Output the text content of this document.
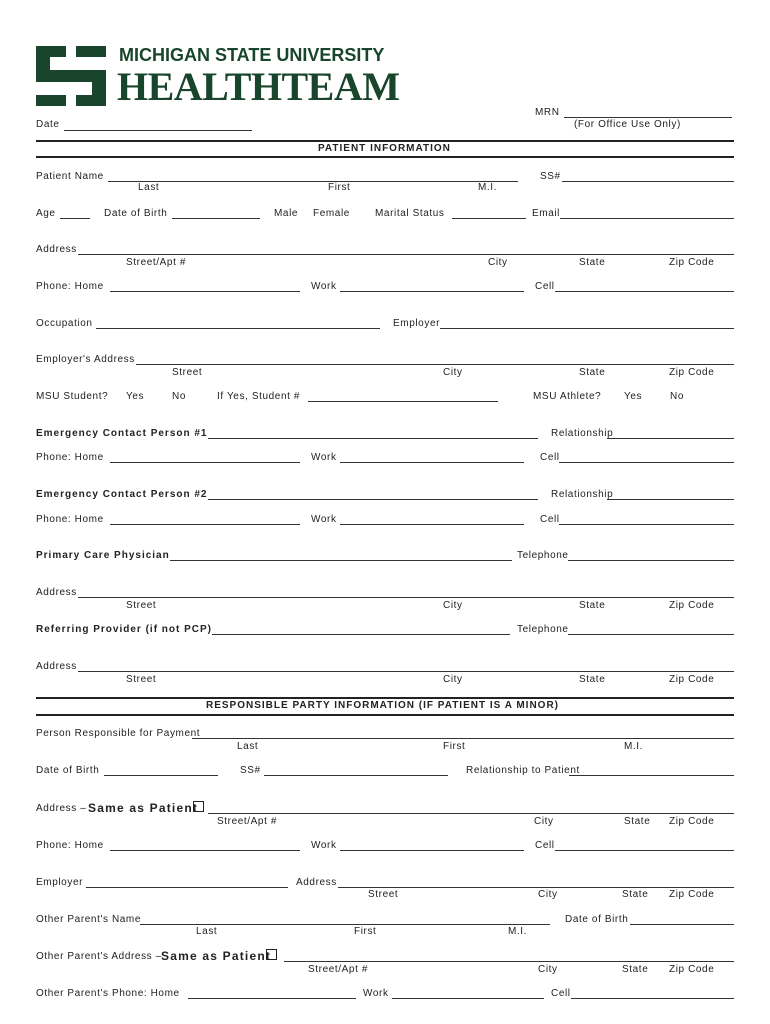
MICHIGAN STATE UNIVERSITY
HEALTHTEAM
MRN
(For Office Use Only)
Date
PATIENT INFORMATION
Patient Name
Last	First	M.I.
SS#
Age	Date of Birth	Male Female	Marital Status	Email
Address
Street/Apt #	City	State	Zip Code
Phone: Home	Work	Cell
Occupation	Employer
Employer's Address
Street	City	State	Zip Code
MSU Student? Yes	No	If Yes, Student #	MSU Athlete? Yes	No
Emergency Contact Person #1	Relationship
Phone: Home	Work	Cell
Emergency Contact Person #2	Relationship
Phone: Home	Work	Cell
Primary Care Physician	Telephone
Address
Street	City	State	Zip Code
Referring Provider (if not PCP)	Telephone
Address
Street	City	State	Zip Code
RESPONSIBLE PARTY INFORMATION (IF PATIENT IS A MINOR)
Person Responsible for Payment
Last	First	M.I.
Date of Birth	SS#	Relationship to Patient
Address – Same as Patient
Street/Apt #	City	State Zip Code
Phone: Home	Work	Cell
Employer	Address
Street	City	State Zip Code
Other Parent's Name
Last	First	M.I.
Date of Birth
Other Parent's Address – Same as Patient
Street/Apt #	City	State Zip Code
Other Parent's Phone: Home	Work	Cell
